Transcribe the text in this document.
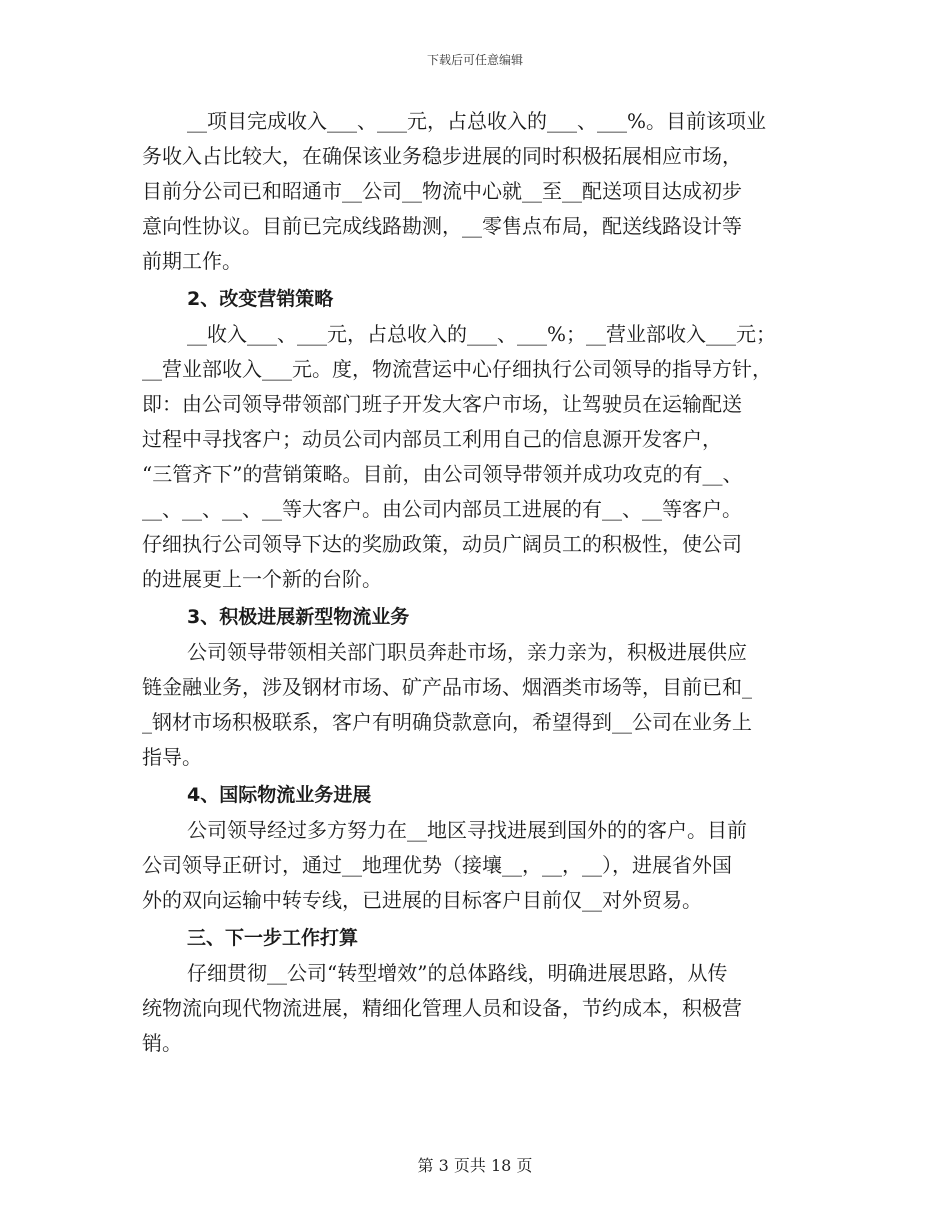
下载后可任意编辑
__项目完成收入___、___元，占总收入的___、___%。目前该项业
务收入占比较大，在确保该业务稳步进展的同时积极拓展相应市场，
目前分公司已和昭通市__公司__物流中心就__至__配送项目达成初步
意向性协议。目前已完成线路勘测，__零售点布局，配送线路设计等
前期工作。
2、改变营销策略
__收入___、___元，占总收入的___、___%；__营业部收入___元；
__营业部收入___元。度，物流营运中心仔细执行公司领导的指导方针，
即：由公司领导带领部门班子开发大客户市场，让驾驶员在运输配送
过程中寻找客户；动员公司内部员工利用自己的信息源开发客户，
“三管齐下”的营销策略。目前，由公司领导带领并成功攻克的有__、
__、__、__、__等大客户。由公司内部员工进展的有__、__等客户。
仔细执行公司领导下达的奖励政策，动员广阔员工的积极性，使公司
的进展更上一个新的台阶。
3、积极进展新型物流业务
公司领导带领相关部门职员奔赴市场，亲力亲为，积极进展供应
链金融业务，涉及钢材市场、矿产品市场、烟酒类市场等，目前已和_
_钢材市场积极联系，客户有明确贷款意向，希望得到__公司在业务上
指导。
4、国际物流业务进展
公司领导经过多方努力在__地区寻找进展到国外的的客户。目前
公司领导正研讨，通过__地理优势（接壤__，__，__），进展省外国
外的双向运输中转专线，已进展的目标客户目前仅__对外贸易。
三、下一步工作打算
仔细贯彻__公司“转型增效”的总体路线，明确进展思路，从传
统物流向现代物流进展，精细化管理人员和设备，节约成本，积极营
销。
第 3 页共 18 页
